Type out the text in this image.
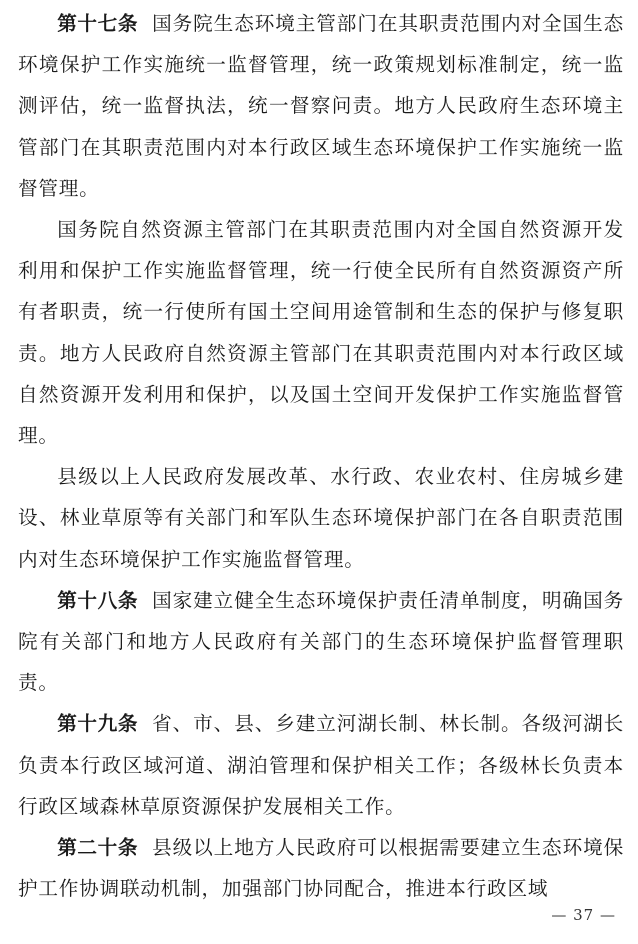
第十七条 国务院生态环境主管部门在其职责范围内对全国生态环境保护工作实施统一监督管理，统一政策规划标准制定，统一监测评估，统一监督执法，统一督察问责。地方人民政府生态环境主管部门在其职责范围内对本行政区域生态环境保护工作实施统一监督管理。

国务院自然资源主管部门在其职责范围内对全国自然资源开发利用和保护工作实施监督管理，统一行使全民所有自然资源资产所有者职责，统一行使所有国土空间用途管制和生态的保护与修复职责。地方人民政府自然资源主管部门在其职责范围内对本行政区域自然资源开发利用和保护，以及国土空间开发保护工作实施监督管理。

县级以上人民政府发展改革、水行政、农业农村、住房城乡建设、林业草原等有关部门和军队生态环境保护部门在各自职责范围内对生态环境保护工作实施监督管理。

第十八条 国家建立健全生态环境保护责任清单制度，明确国务院有关部门和地方人民政府有关部门的生态环境保护监督管理职责。

第十九条 省、市、县、乡建立河湖长制、林长制。各级河湖长负责本行政区域河道、湖泊管理和保护相关工作；各级林长负责本行政区域森林草原资源保护发展相关工作。

第二十条 县级以上地方人民政府可以根据需要建立生态环境保护工作协调联动机制，加强部门协同配合，推进本行政区域

— 37 —
